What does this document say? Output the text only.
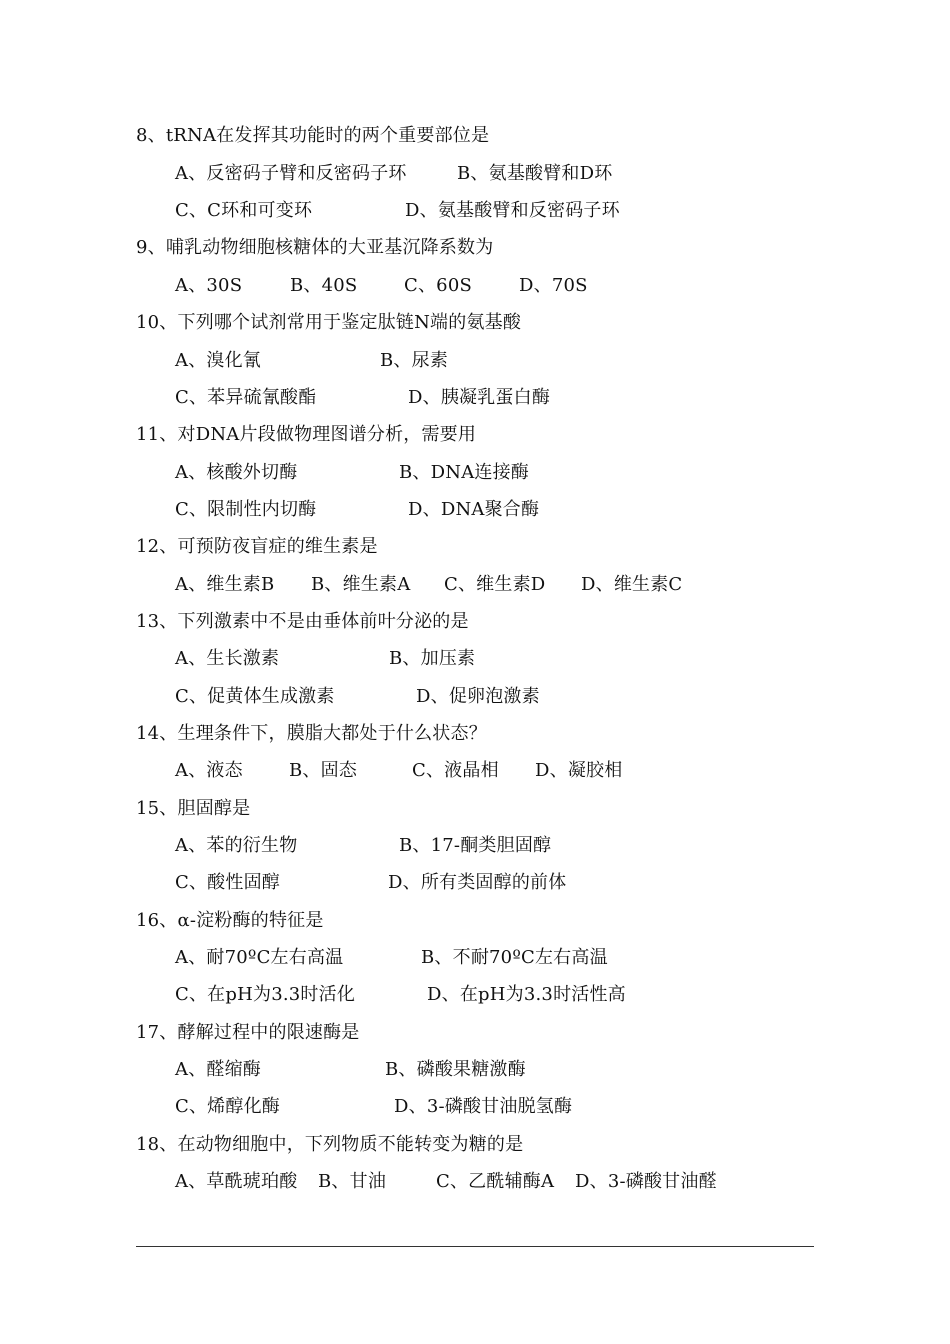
8、tRNA在发挥其功能时的两个重要部位是
A、反密码子臂和反密码子环	B、氨基酸臂和D环
C、C环和可变环	D、氨基酸臂和反密码子环
9、哺乳动物细胞核糖体的大亚基沉降系数为
A、30S	B、40S	C、60S	D、70S
10、下列哪个试剂常用于鉴定肽链N端的氨基酸
A、溴化氰	B、尿素
C、苯异硫氰酸酯	D、胰凝乳蛋白酶
11、对DNA片段做物理图谱分析，需要用
A、核酸外切酶	B、DNA连接酶
C、限制性内切酶	D、DNA聚合酶
12、可预防夜盲症的维生素是
A、维生素B B、维生素A C、维生素D D、维生素C
13、下列激素中不是由垂体前叶分泌的是
A、生长激素	B、加压素
C、促黄体生成激素	D、促卵泡激素
14、生理条件下，膜脂大都处于什么状态？
A、液态	B、固态	C、液晶相 D、凝胶相
15、胆固醇是
A、苯的衍生物	B、17-酮类胆固醇
C、酸性固醇	D、所有类固醇的前体
16、α-淀粉酶的特征是
A、耐70ºC左右高温	B、不耐70ºC左右高温
C、在pH为3.3时活化	D、在pH为3.3时活性高
17、酵解过程中的限速酶是
A、醛缩酶	B、磷酸果糖激酶
C、烯醇化酶	D、3-磷酸甘油脱氢酶
18、在动物细胞中，下列物质不能转变为糖的是
A、草酰琥珀酸 B、甘油	C、乙酰辅酶A D、3-磷酸甘油醛
